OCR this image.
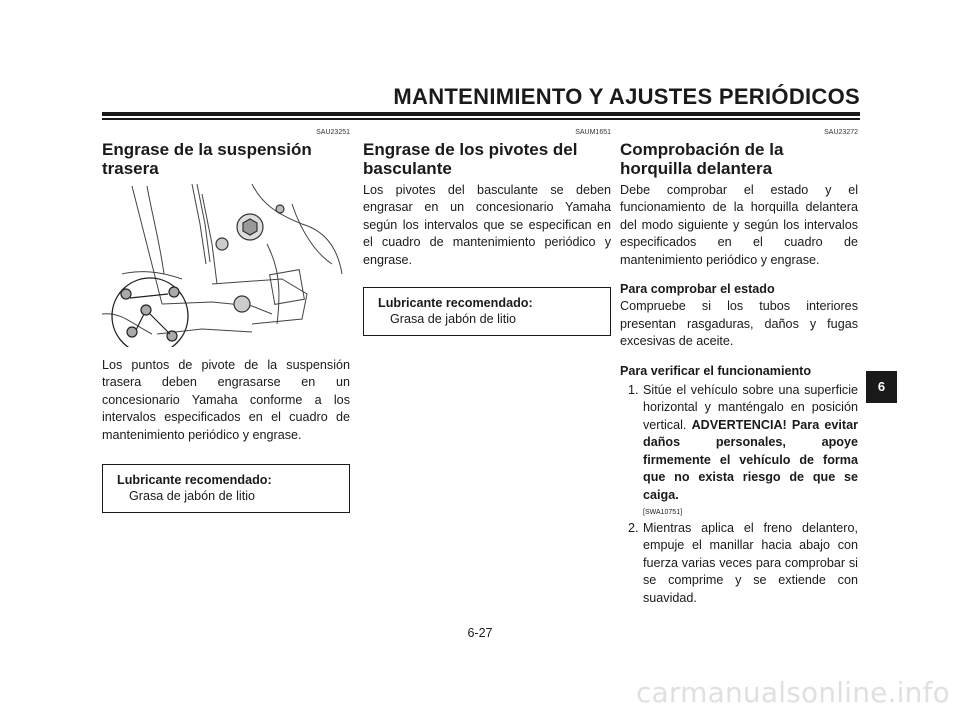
MANTENIMIENTO Y AJUSTES PERIÓDICOS
SAU23251
Engrase de la suspensión trasera

Los puntos de pivote de la suspensión trasera deben engrasarse en un concesionario Yamaha conforme a los intervalos especificados en el cuadro de mantenimiento periódico y engrase.

Lubricante recomendado:
Grasa de jabón de litio
SAUM1651
Engrase de los pivotes del basculante

Los pivotes del basculante se deben engrasar en un concesionario Yamaha según los intervalos que se especifican en el cuadro de mantenimiento periódico y engrase.

Lubricante recomendado:
Grasa de jabón de litio
SAU23272
Comprobación de la horquilla delantera

Debe comprobar el estado y el funcionamiento de la horquilla delantera del modo siguiente y según los intervalos especificados en el cuadro de mantenimiento periódico y engrase.

Para comprobar el estado

Compruebe si los tubos interiores presentan rasgaduras, daños y fugas excesivas de aceite.

Para verificar el funcionamiento
1. Sitúe el vehículo sobre una superficie horizontal y manténgalo en posición vertical. ADVERTENCIA! Para evitar daños personales, apoye firmemente el vehículo de forma que no exista riesgo de que se caiga.
[SWA10751]
2. Mientras aplica el freno delantero, empuje el manillar hacia abajo con fuerza varias veces para comprobar si se comprime y se extiende con suavidad.
6
6-27
carmanualsonline.info
